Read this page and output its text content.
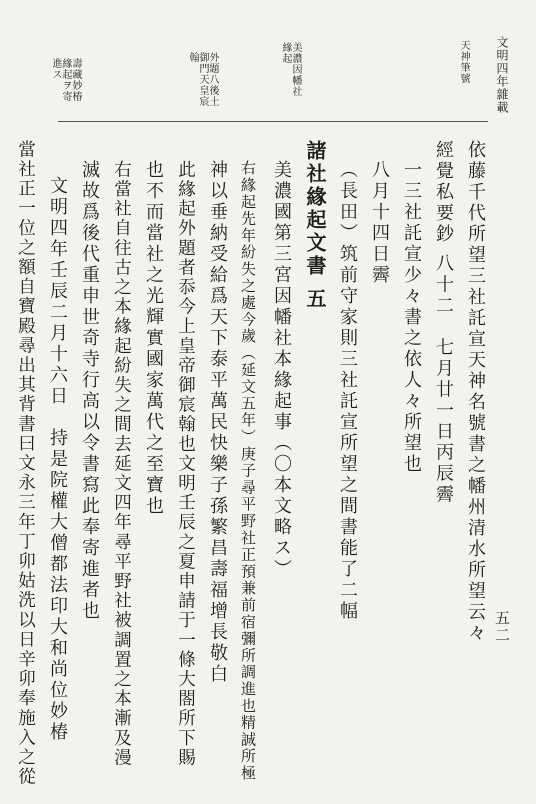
文明四年雜載
五二
天神筆號
外題八後土御門天皇宸翰	美濃因幡社緣起
壽藏妙椿緣起ヲ寄進ス
依藤千代所望三社託宣天神名號書之幡州清水所望云々
經覺私要鈔 八十二　七月廿一日丙辰霽
一三社託宣少々書之依人々所望也
八月十四日霽
（長田）筑前守家則三社託宣所望之間書能了二幅
諸社緣起文書 五
美濃國第三宮因幡社本緣起事（〇本文略ス）
右緣起先年紛失之處今歲（延文五年）庚子尋平野社正預兼前宿彌所調進也精誠所極
神以垂納受給爲天下泰平萬民快樂子孫繁昌壽福增長敬白
此緣起外題者忝今上皇帝御宸翰也文明壬辰之夏申請于一條大閤所下賜
也不而當社之光輝實國家萬代之至寶也
右當社自往古之本緣起紛失之間去延文四年尋平野社被調置之本漸及漫
滅故爲後代重申世奇寺行高以令書寫此奉寄進者也
文明四年壬辰二月十六日　持是院權大僧都法印大和尚位妙椿
當社正一位之額自寶殿尋出其背書曰文永三年丁卯姑洗以日辛卯奉施入之從
